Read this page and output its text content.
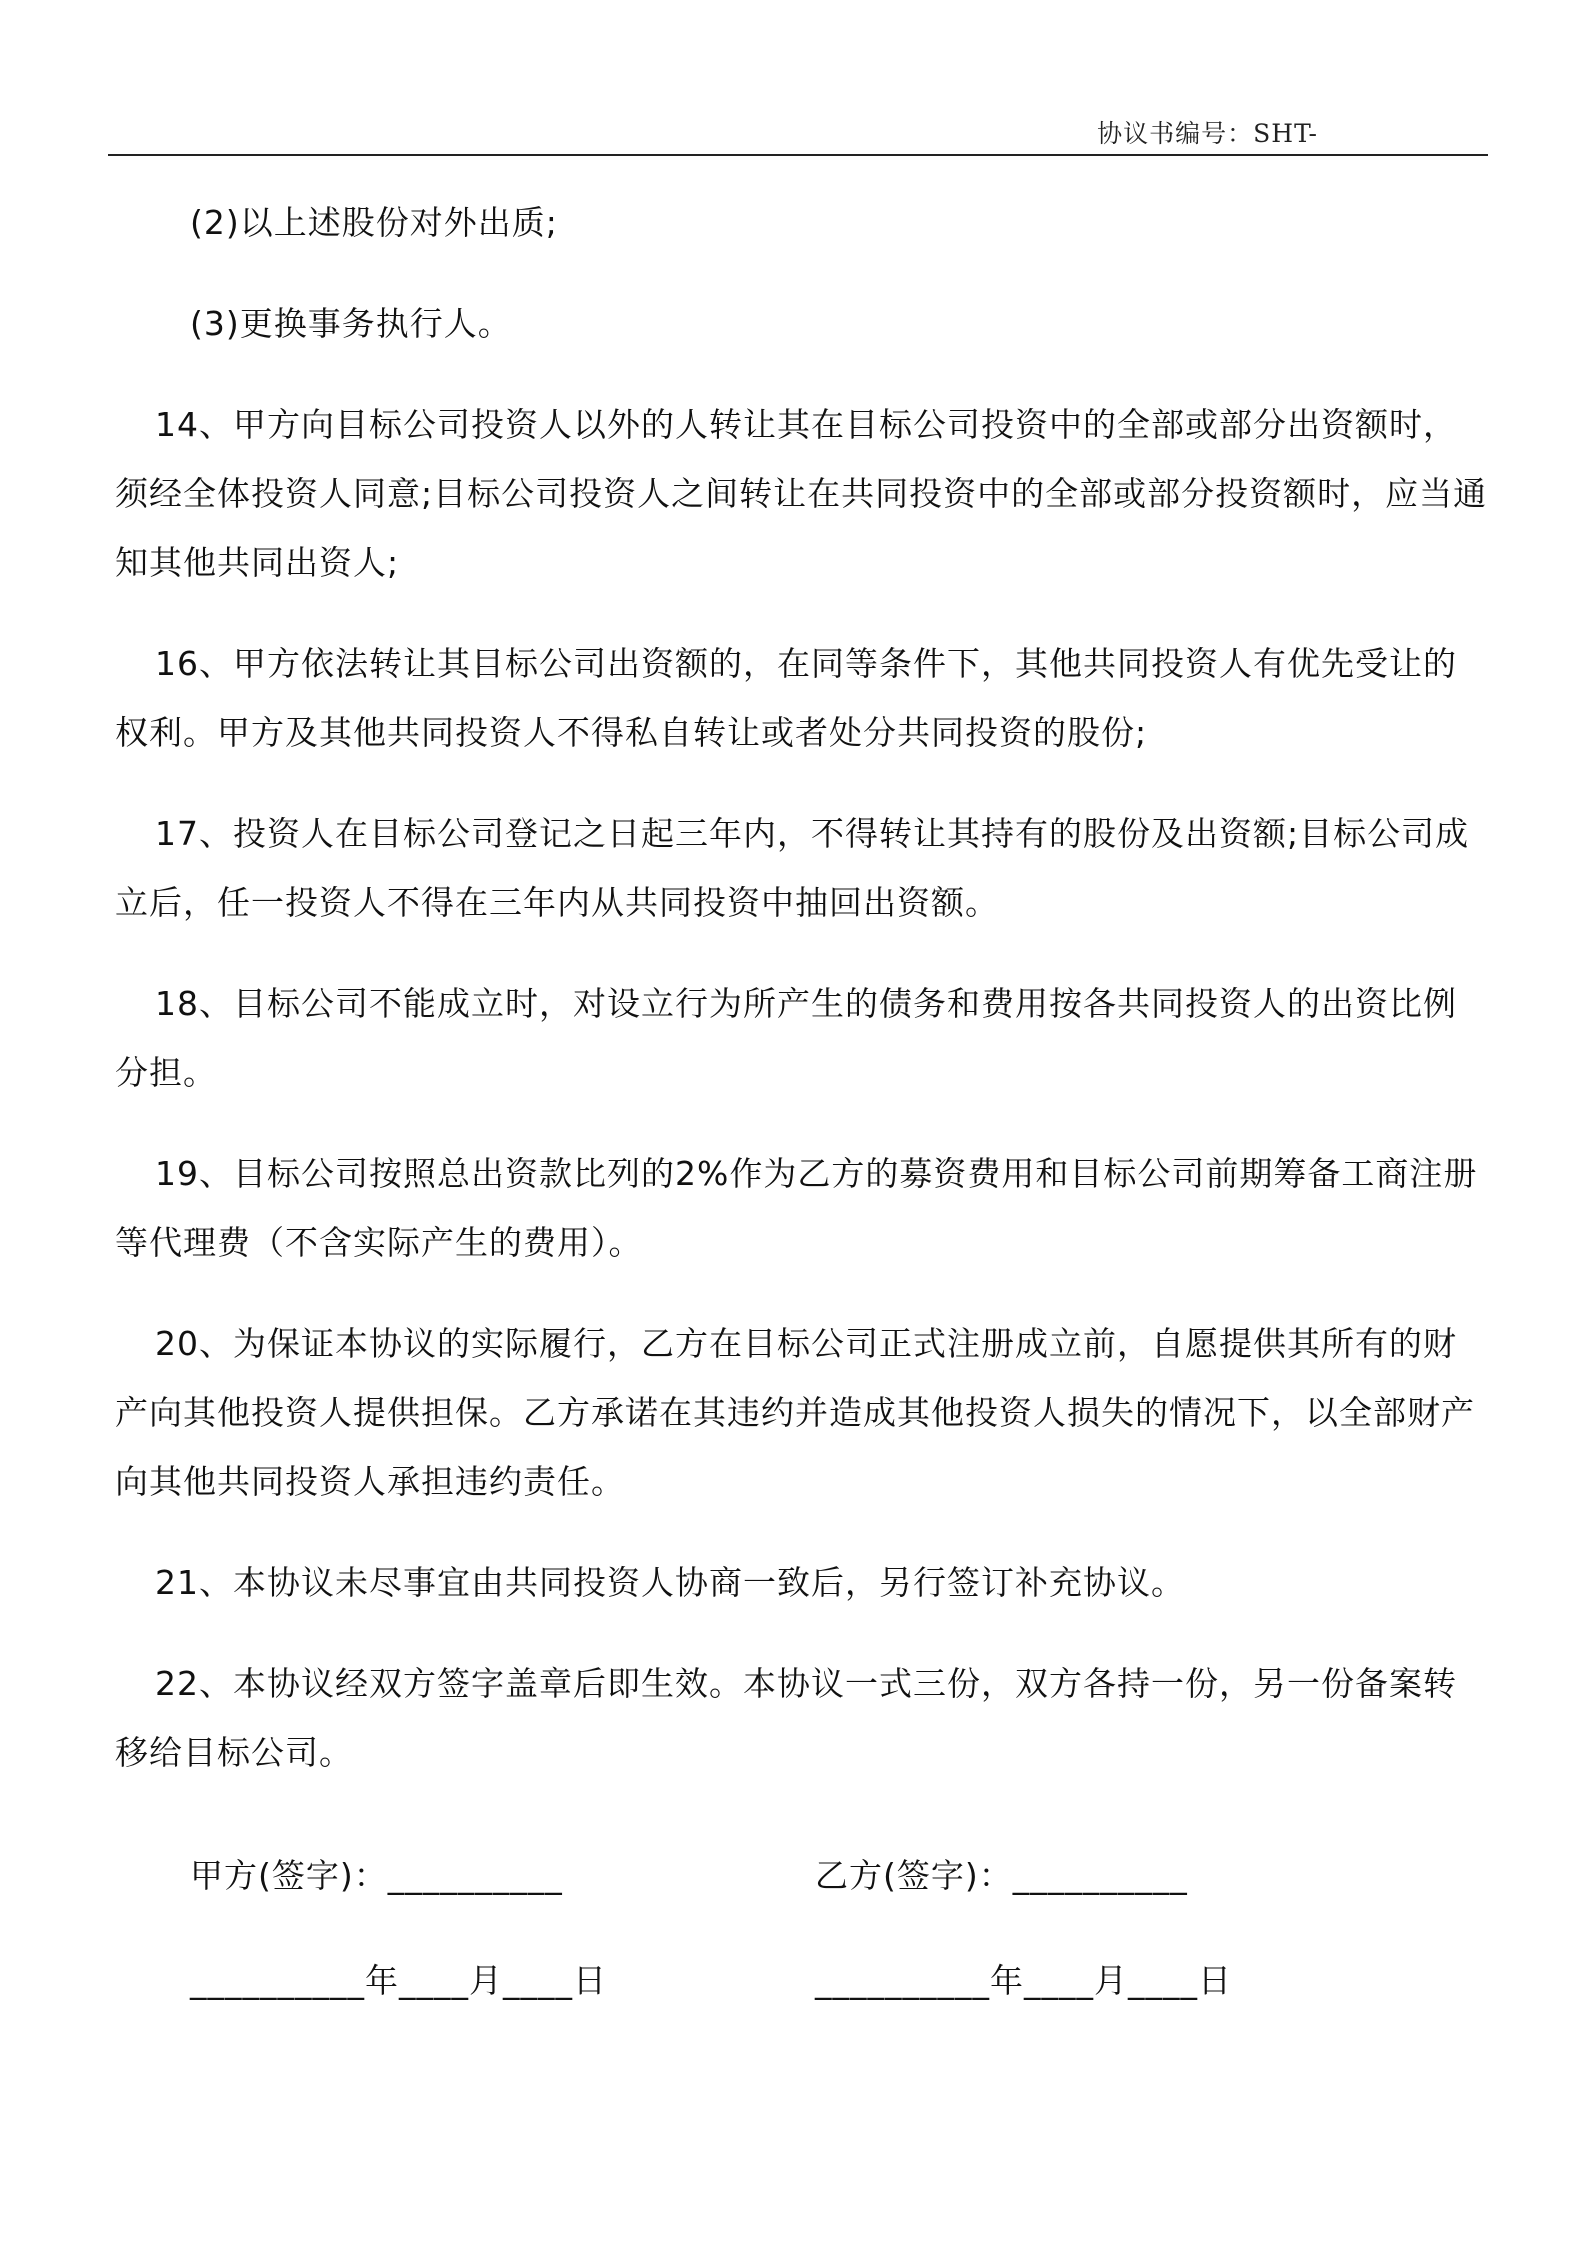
协议书编号：SHT-

(2)以上述股份对外出质;

(3)更换事务执行人。

14、甲方向目标公司投资人以外的人转让其在目标公司投资中的全部或部分出资额时，须经全体投资人同意;目标公司投资人之间转让在共同投资中的全部或部分投资额时，应当通知其他共同出资人;

16、甲方依法转让其目标公司出资额的，在同等条件下，其他共同投资人有优先受让的权利。甲方及其他共同投资人不得私自转让或者处分共同投资的股份;

17、投资人在目标公司登记之日起三年内，不得转让其持有的股份及出资额;目标公司成立后，任一投资人不得在三年内从共同投资中抽回出资额。

18、目标公司不能成立时，对设立行为所产生的债务和费用按各共同投资人的出资比例分担。

19、目标公司按照总出资款比列的2%作为乙方的募资费用和目标公司前期筹备工商注册等代理费（不含实际产生的费用）。

20、为保证本协议的实际履行，乙方在目标公司正式注册成立前，自愿提供其所有的财产向其他投资人提供担保。乙方承诺在其违约并造成其他投资人损失的情况下，以全部财产向其他共同投资人承担违约责任。

21、本协议未尽事宜由共同投资人协商一致后，另行签订补充协议。

22、本协议经双方签字盖章后即生效。本协议一式三份，双方各持一份，另一份备案转移给目标公司。

甲方(签字)：__________

	乙方(签字)：__________

__________年____月____日

	__________年____月____日
